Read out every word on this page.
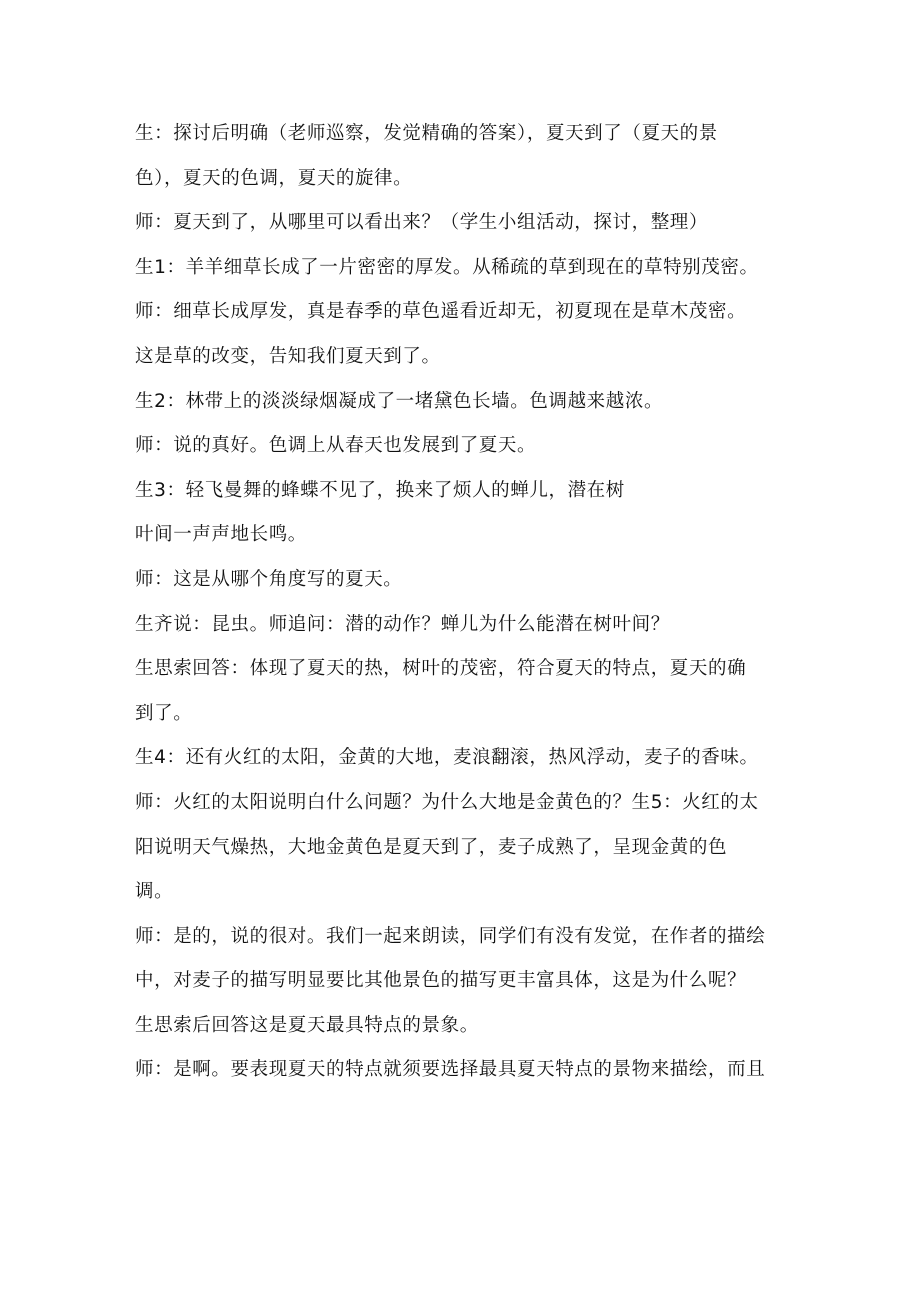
生：探讨后明确（老师巡察，发觉精确的答案），夏天到了（夏天的景
色），夏天的色调，夏天的旋律。
师：夏天到了，从哪里可以看出来？（学生小组活动，探讨，整理）
生1：羊羊细草长成了一片密密的厚发。从稀疏的草到现在的草特别茂密。
师：细草长成厚发，真是春季的草色遥看近却无，初夏现在是草木茂密。
这是草的改变，告知我们夏天到了。
生2：林带上的淡淡绿烟凝成了一堵黛色长墙。色调越来越浓。
师：说的真好。色调上从春天也发展到了夏天。
生3：轻飞曼舞的蜂蝶不见了，换来了烦人的蝉儿，潜在树
叶间一声声地长鸣。
师：这是从哪个角度写的夏天。
生齐说：昆虫。师追问：潜的动作？蝉儿为什么能潜在树叶间？
生思索回答：体现了夏天的热，树叶的茂密，符合夏天的特点，夏天的确
到了。
生4：还有火红的太阳，金黄的大地，麦浪翻滚，热风浮动，麦子的香味。
师：火红的太阳说明白什么问题？为什么大地是金黄色的？生5：火红的太
阳说明天气燥热，大地金黄色是夏天到了，麦子成熟了，呈现金黄的色
调。
师：是的，说的很对。我们一起来朗读，同学们有没有发觉，在作者的描绘
中，对麦子的描写明显要比其他景色的描写更丰富具体，这是为什么呢？
生思索后回答这是夏天最具特点的景象。
师：是啊。要表现夏天的特点就须要选择最具夏天特点的景物来描绘，而且
